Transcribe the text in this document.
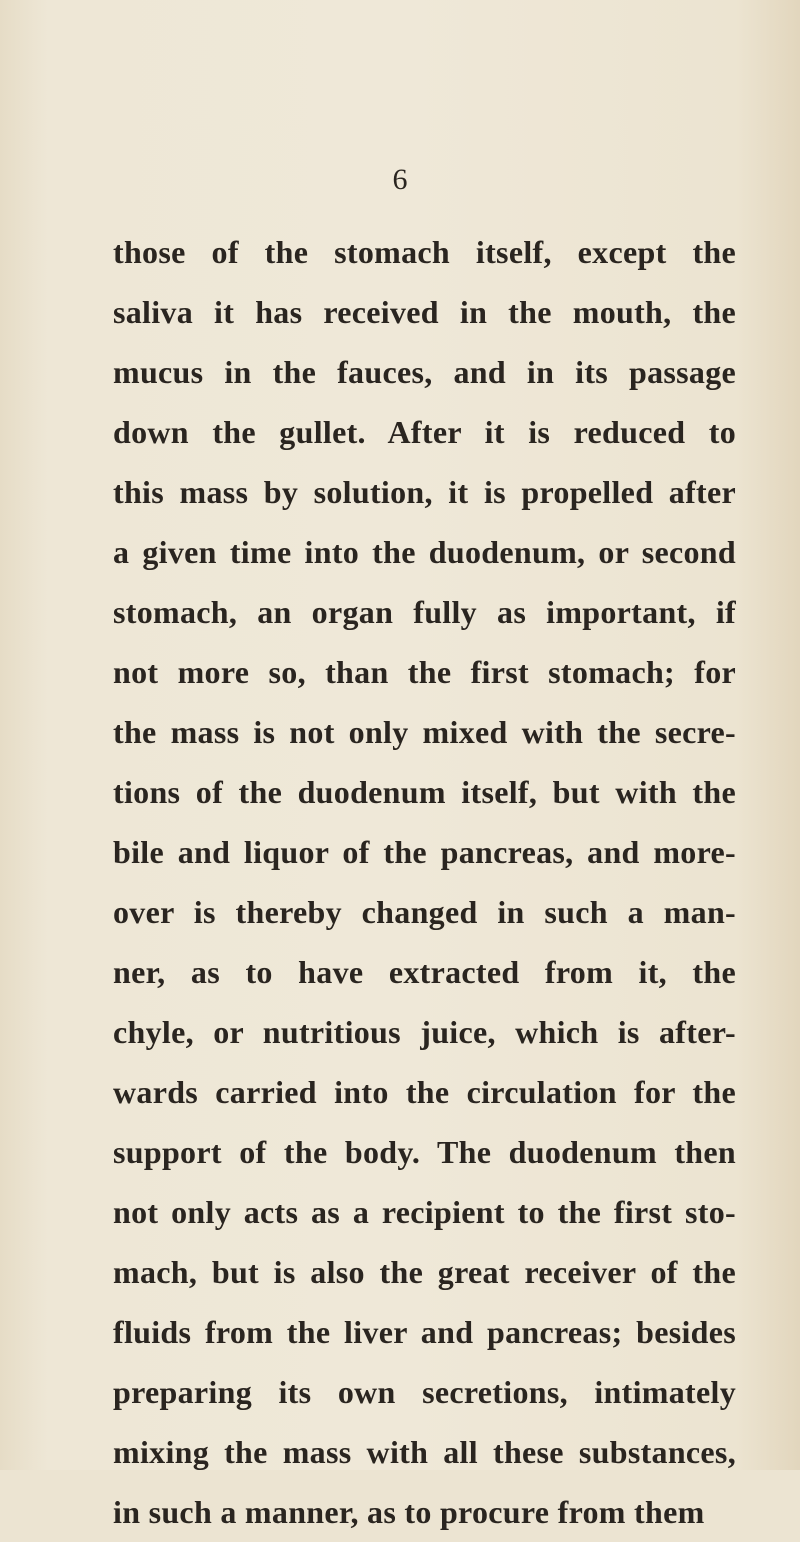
6
those of the stomach itself, except the
saliva it has received in the mouth, the
mucus in the fauces, and in its passage
down the gullet. After it is reduced to
this mass by solution, it is propelled after
a given time into the duodenum, or second
stomach, an organ fully as important, if
not more so, than the first stomach; for
the mass is not only mixed with the secre-
tions of the duodenum itself, but with the
bile and liquor of the pancreas, and more-
over is thereby changed in such a man-
ner, as to have extracted from it, the
chyle, or nutritious juice, which is after-
wards carried into the circulation for the
support of the body. The duodenum then
not only acts as a recipient to the first sto-
mach, but is also the great receiver of the
fluids from the liver and pancreas; besides
preparing its own secretions, intimately
mixing the mass with all these substances,
in such a manner, as to procure from them
